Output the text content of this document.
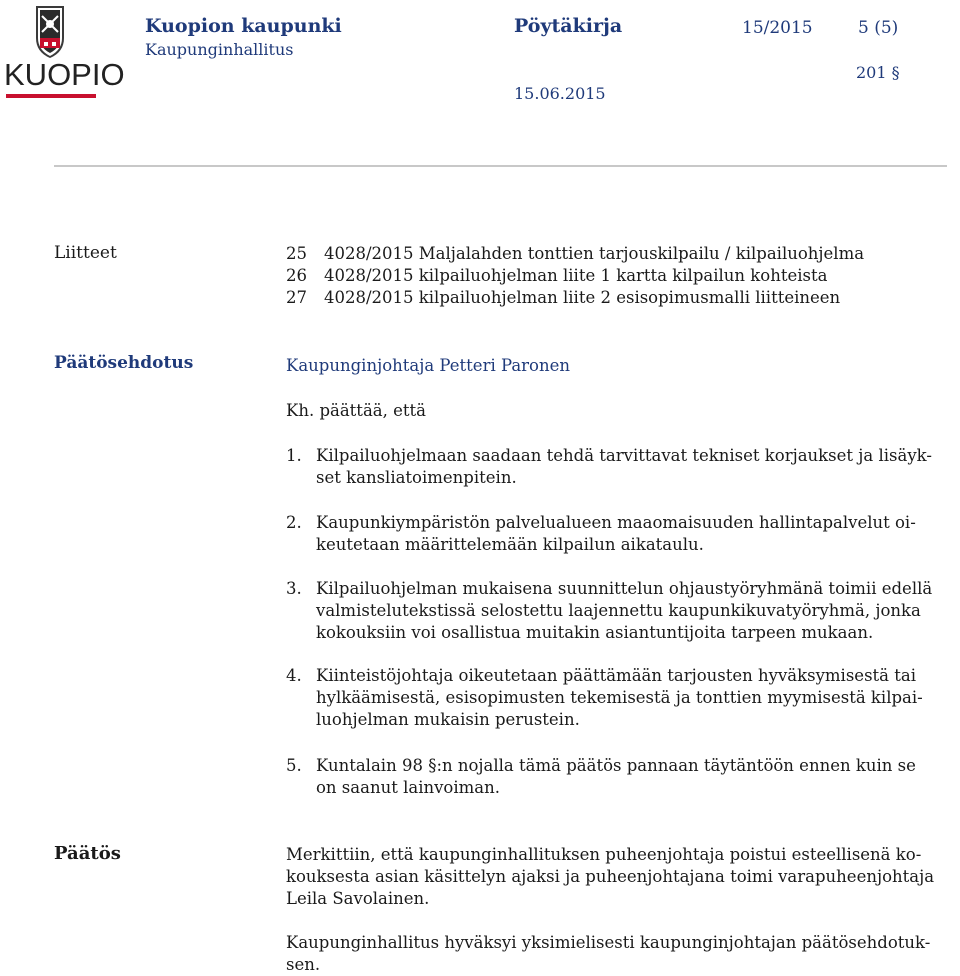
KUOPIO
Kuopion kaupunki
Kaupunginhallitus
Pöytäkirja	15/2015	5 (5)
201 §
15.06.2015
Liitteet	25 4028/2015 Maljalahden tonttien tarjouskilpailu / kilpailuohjelma
26 4028/2015 kilpailuohjelman liite 1 kartta kilpailun kohteista
27 4028/2015 kilpailuohjelman liite 2 esisopimusmalli liitteineen
Päätösehdotus	Kaupunginjohtaja Petteri Paronen
Kh. päättää, että
1. Kilpailuohjelmaan saadaan tehdä tarvittavat tekniset korjaukset ja lisäyk-
set kansliatoimenpitein.
2. Kaupunkiympäristön palvelualueen maaomaisuuden hallintapalvelut oi-
keutetaan määrittelemään kilpailun aikataulu.
3. Kilpailuohjelman mukaisena suunnittelun ohjaustyöryhmänä toimii edellä
valmistelutekstissä selostettu laajennettu kaupunkikuvatyöryhmä, jonka
kokouksiin voi osallistua muitakin asiantuntijoita tarpeen mukaan.
4. Kiinteistöjohtaja oikeutetaan päättämään tarjousten hyväksymisestä tai
hylkäämisestä, esisopimusten tekemisestä ja tonttien myymisestä kilpai-
luohjelman mukaisin perustein.
5. Kuntalain 98 §:n nojalla tämä päätös pannaan täytäntöön ennen kuin se
on saanut lainvoiman.
Päätös	Merkittiin, että kaupunginhallituksen puheenjohtaja poistui esteellisenä ko-
kouksesta asian käsittelyn ajaksi ja puheenjohtajana toimi varapuheenjohtaja
Leila Savolainen.
Kaupunginhallitus hyväksyi yksimielisesti kaupunginjohtajan päätösehdotuk-
sen.
